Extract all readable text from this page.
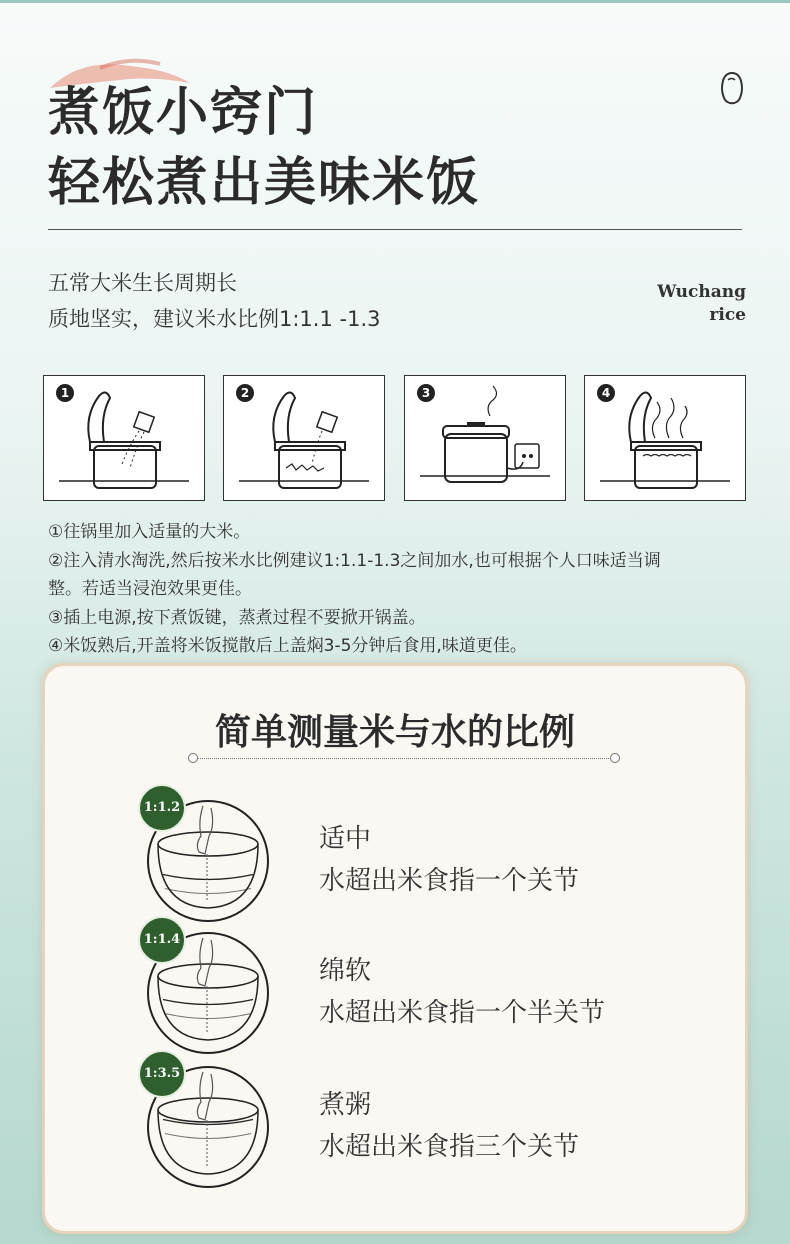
煮饭小窍门
轻松煮出美味米饭
五常大米生长周期长
质地坚实，建议米水比例1:1.1 -1.3
Wuchang
rice
1	2	3	4
①往锅里加入适量的大米。
②注入清水淘洗,然后按米水比例建议1:1.1-1.3之间加水,也可根据个人口味适当调
整。若适当浸泡效果更佳。
③插上电源,按下煮饭键，蒸煮过程不要掀开锅盖。
④米饭熟后,开盖将米饭搅散后上盖焖3-5分钟后食用,味道更佳。
简单测量米与水的比例
1:1.2
适中
水超出米食指一个关节
1:1.4
绵软
水超出米食指一个半关节
1:3.5
煮粥
水超出米食指三个关节
